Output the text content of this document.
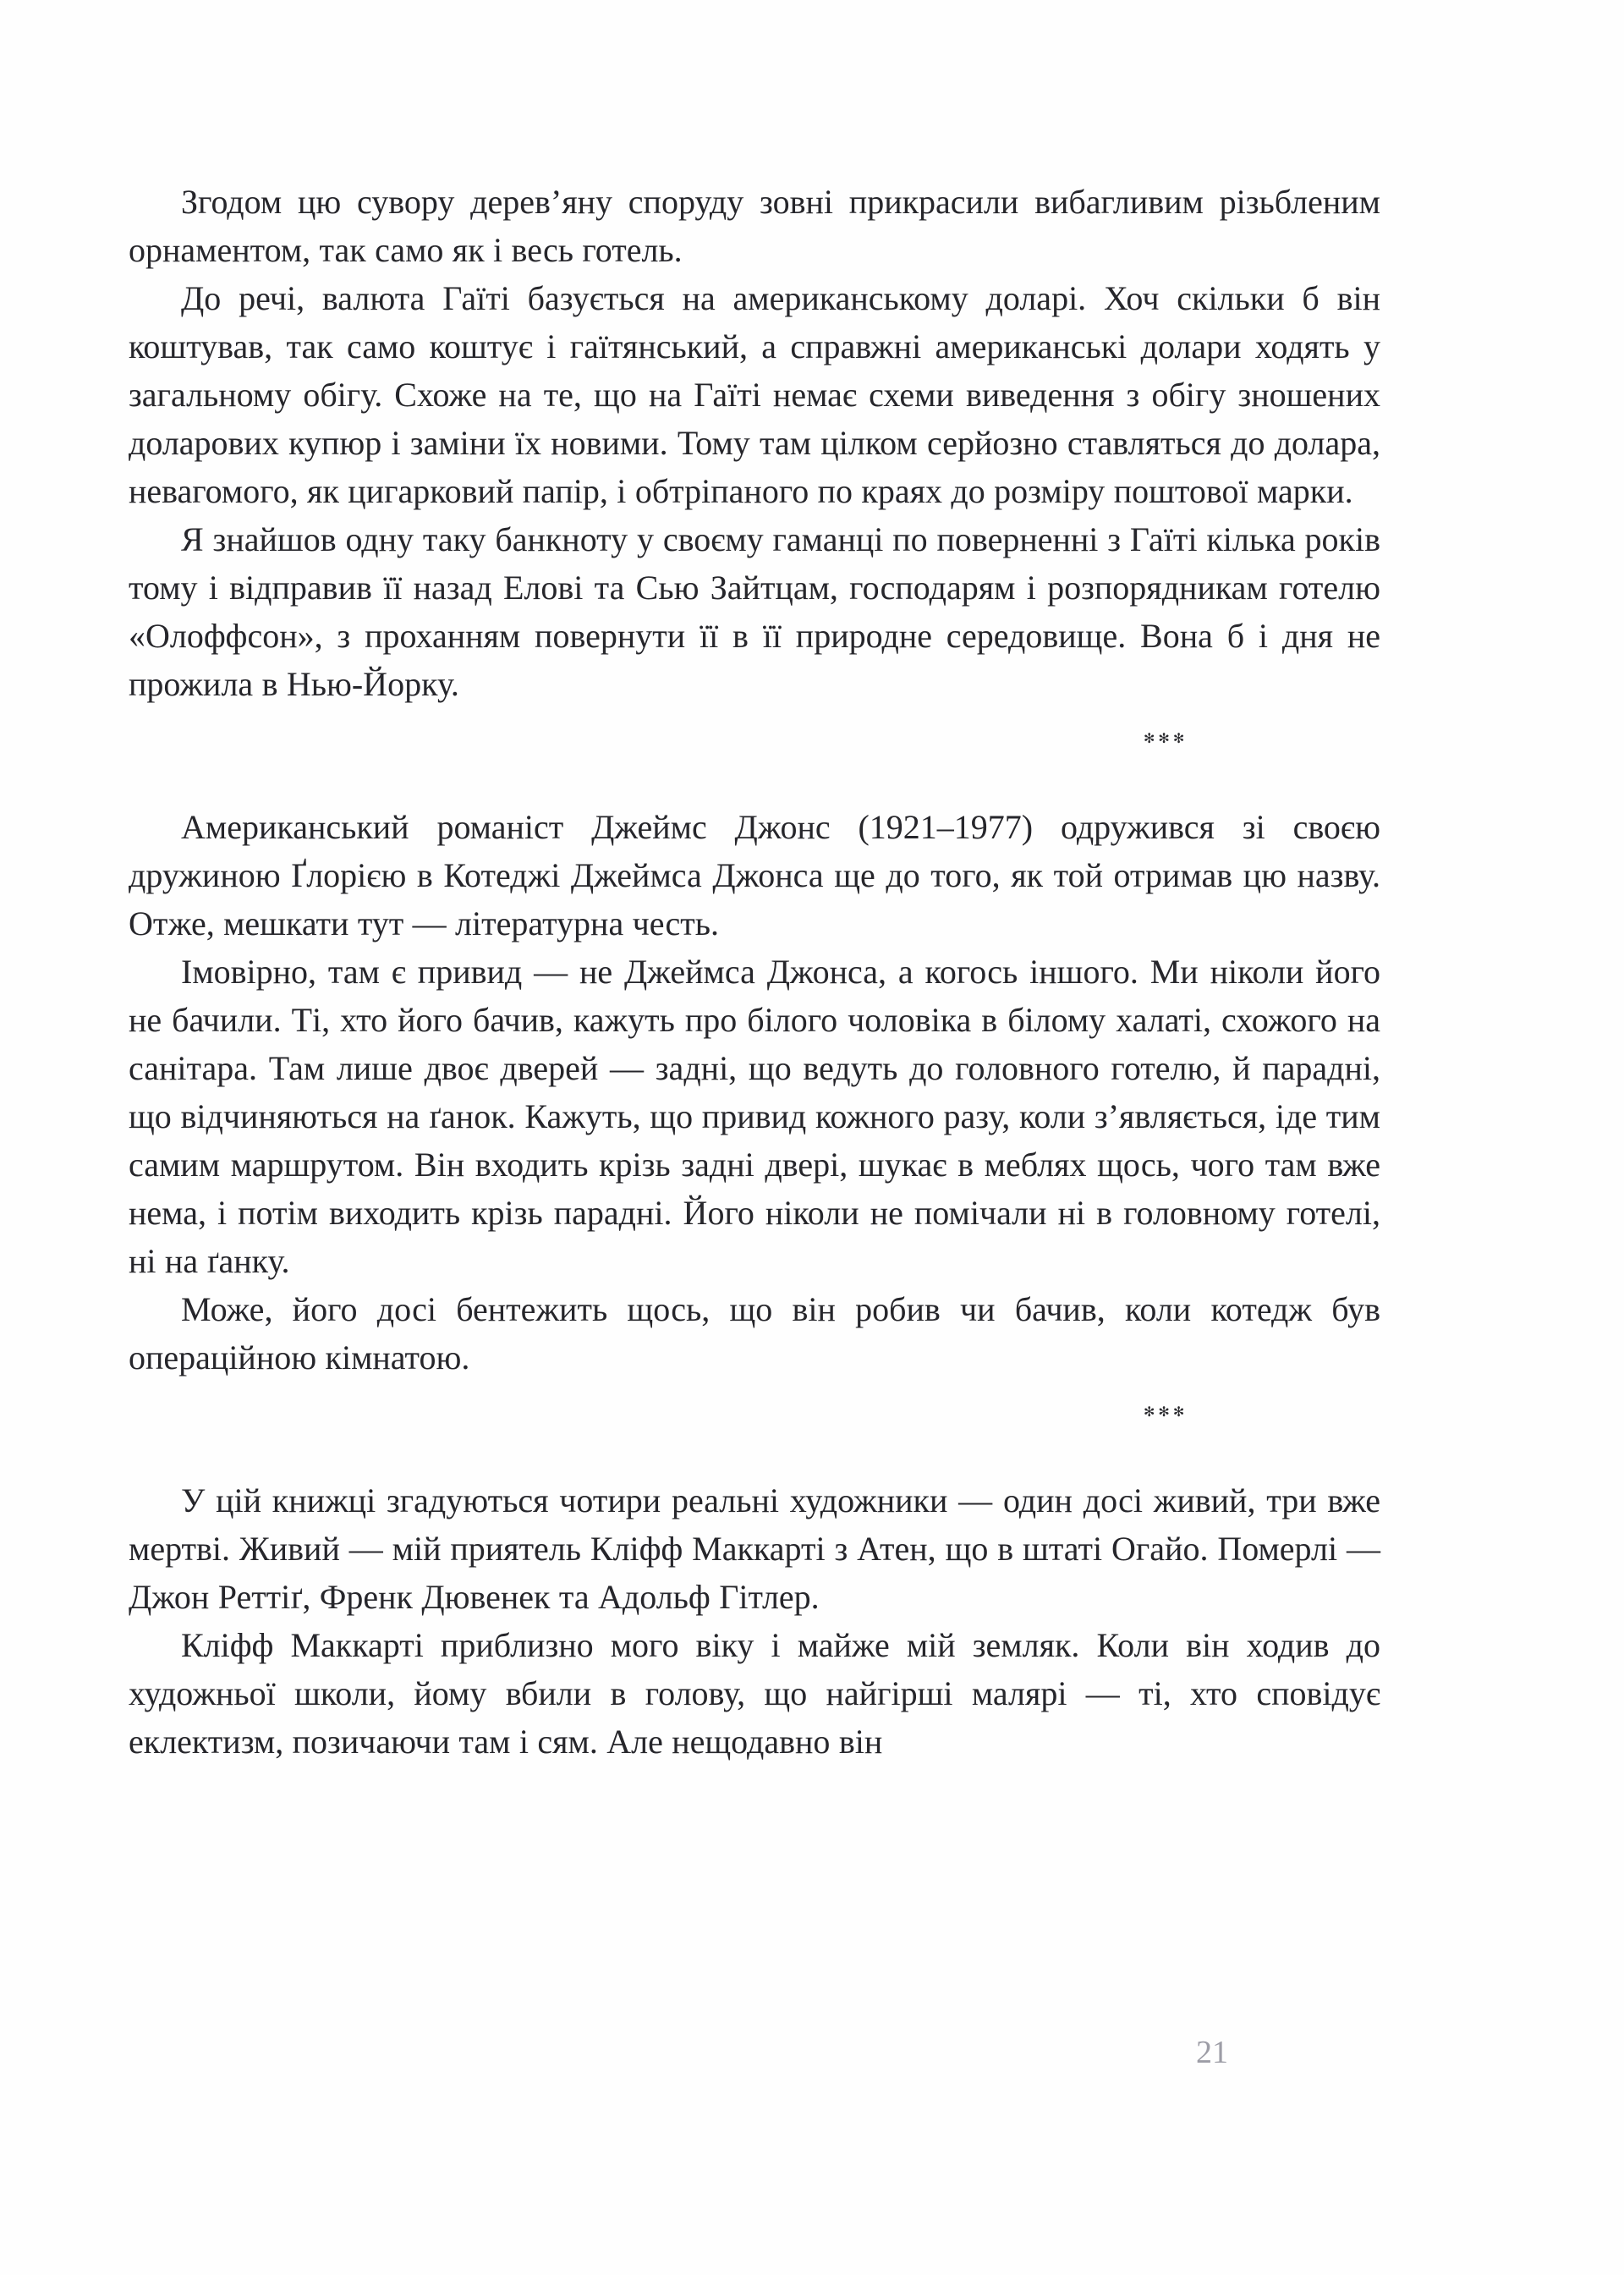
Згодом цю сувору дерев’яну споруду зовні прикрасили вибагливим різьбленим орнаментом, так само як і весь готель.

До речі, валюта Гаїті базується на американському доларі. Хоч скільки б він коштував, так само коштує і гаїтянський, а справжні американські долари ходять у загальному обігу. Схоже на те, що на Гаїті немає схеми виведення з обігу зношених доларових купюр і заміни їх новими. Тому там цілком серйозно ставляться до долара, невагомого, як цигарковий папір, і обтріпаного по краях до розміру поштової марки.

Я знайшов одну таку банкноту у своєму гаманці по поверненні з Гаїті кілька років тому і відправив її назад Елові та Сью Зайтцам, господарям і розпорядникам готелю «Олоффсон», з проханням повернути її в її природне середовище. Вона б і дня не прожила в Нью-Йорку.

✻ ✻ ✻

Американський романіст Джеймс Джонс (1921–1977) одружився зі своєю дружиною Ґлорією в Котеджі Джеймса Джонса ще до того, як той отримав цю назву. Отже, мешкати тут — літературна честь.

Імовірно, там є привид — не Джеймса Джонса, а когось іншого. Ми ніколи його не бачили. Ті, хто його бачив, кажуть про білого чоловіка в білому халаті, схожого на санітара. Там лише двоє дверей — задні, що ведуть до головного готелю, й парадні, що відчиняються на ґанок. Кажуть, що привид кожного разу, коли з’являється, іде тим самим маршрутом. Він входить крізь задні двері, шукає в меблях щось, чого там вже нема, і потім виходить крізь парадні. Його ніколи не помічали ні в головному готелі, ні на ґанку.

Може, його досі бентежить щось, що він робив чи бачив, коли котедж був операційною кімнатою.

✻ ✻ ✻

У цій книжці згадуються чотири реальні художники — один досі живий, три вже мертві. Живий — мій приятель Кліфф Маккарті з Атен, що в штаті Огайо. Померлі — Джон Реттіґ, Френк Дювенек та Адольф Гітлер.

Кліфф Маккарті приблизно мого віку і майже мій земляк. Коли він ходив до художньої школи, йому вбили в голову, що найгірші малярі — ті, хто сповідує еклектизм, позичаючи там і сям. Але нещодавно він

21
